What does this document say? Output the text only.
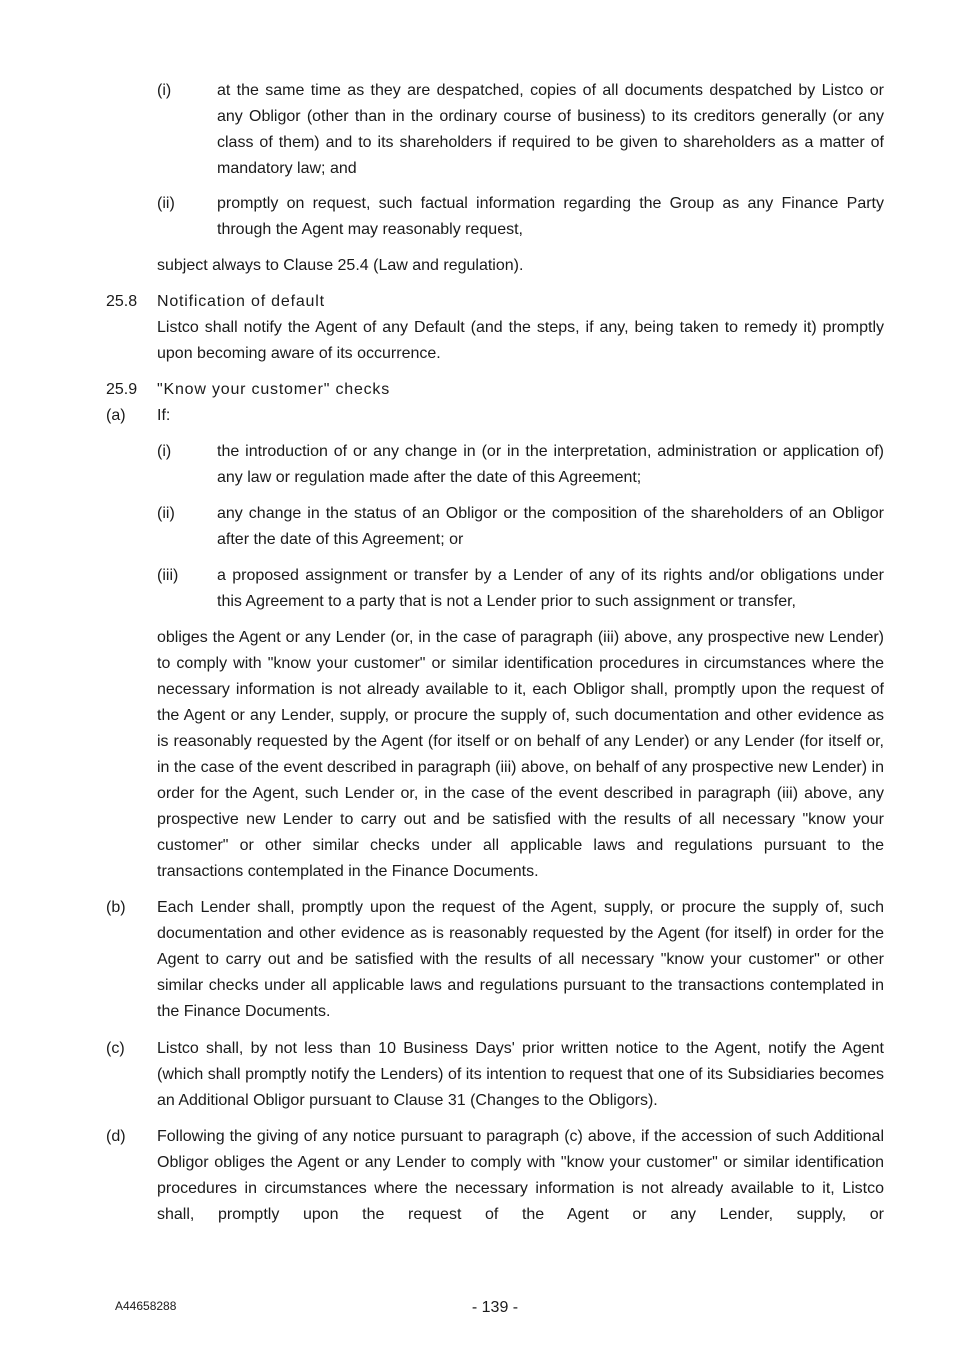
(i)	at the same time as they are despatched, copies of all documents despatched by Listco or any Obligor (other than in the ordinary course of business) to its creditors generally (or any class of them) and to its shareholders if required to be given to shareholders as a matter of mandatory law; and
(ii)	promptly on request, such factual information regarding the Group as any Finance Party through the Agent may reasonably request,
subject always to Clause 25.4 (Law and regulation).
25.8 Notification of default
Listco shall notify the Agent of any Default (and the steps, if any, being taken to remedy it) promptly upon becoming aware of its occurrence.
25.9 "Know your customer" checks
(a) If:
(i)	the introduction of or any change in (or in the interpretation, administration or application of) any law or regulation made after the date of this Agreement;
(ii)	any change in the status of an Obligor or the composition of the shareholders of an Obligor after the date of this Agreement; or
(iii) a proposed assignment or transfer by a Lender of any of its rights and/or obligations under this Agreement to a party that is not a Lender prior to such assignment or transfer,
obliges the Agent or any Lender (or, in the case of paragraph (iii) above, any prospective new Lender) to comply with "know your customer" or similar identification procedures in circumstances where the necessary information is not already available to it, each Obligor shall, promptly upon the request of the Agent or any Lender, supply, or procure the supply of, such documentation and other evidence as is reasonably requested by the Agent (for itself or on behalf of any Lender) or any Lender (for itself or, in the case of the event described in paragraph (iii) above, on behalf of any prospective new Lender) in order for the Agent, such Lender or, in the case of the event described in paragraph (iii) above, any prospective new Lender to carry out and be satisfied with the results of all necessary "know your customer" or other similar checks under all applicable laws and regulations pursuant to the transactions contemplated in the Finance Documents.
(b) Each Lender shall, promptly upon the request of the Agent, supply, or procure the supply of, such documentation and other evidence as is reasonably requested by the Agent (for itself) in order for the Agent to carry out and be satisfied with the results of all necessary "know your customer" or other similar checks under all applicable laws and regulations pursuant to the transactions contemplated in the Finance Documents.
(c) Listco shall, by not less than 10 Business Days' prior written notice to the Agent, notify the Agent (which shall promptly notify the Lenders) of its intention to request that one of its Subsidiaries becomes an Additional Obligor pursuant to Clause 31 (Changes to the Obligors).
(d) Following the giving of any notice pursuant to paragraph (c) above, if the accession of such Additional Obligor obliges the Agent or any Lender to comply with "know your customer" or similar identification procedures in circumstances where the necessary information is not already available to it, Listco shall, promptly upon the request of the Agent or any Lender, supply, or
A44658288	- 139 -
